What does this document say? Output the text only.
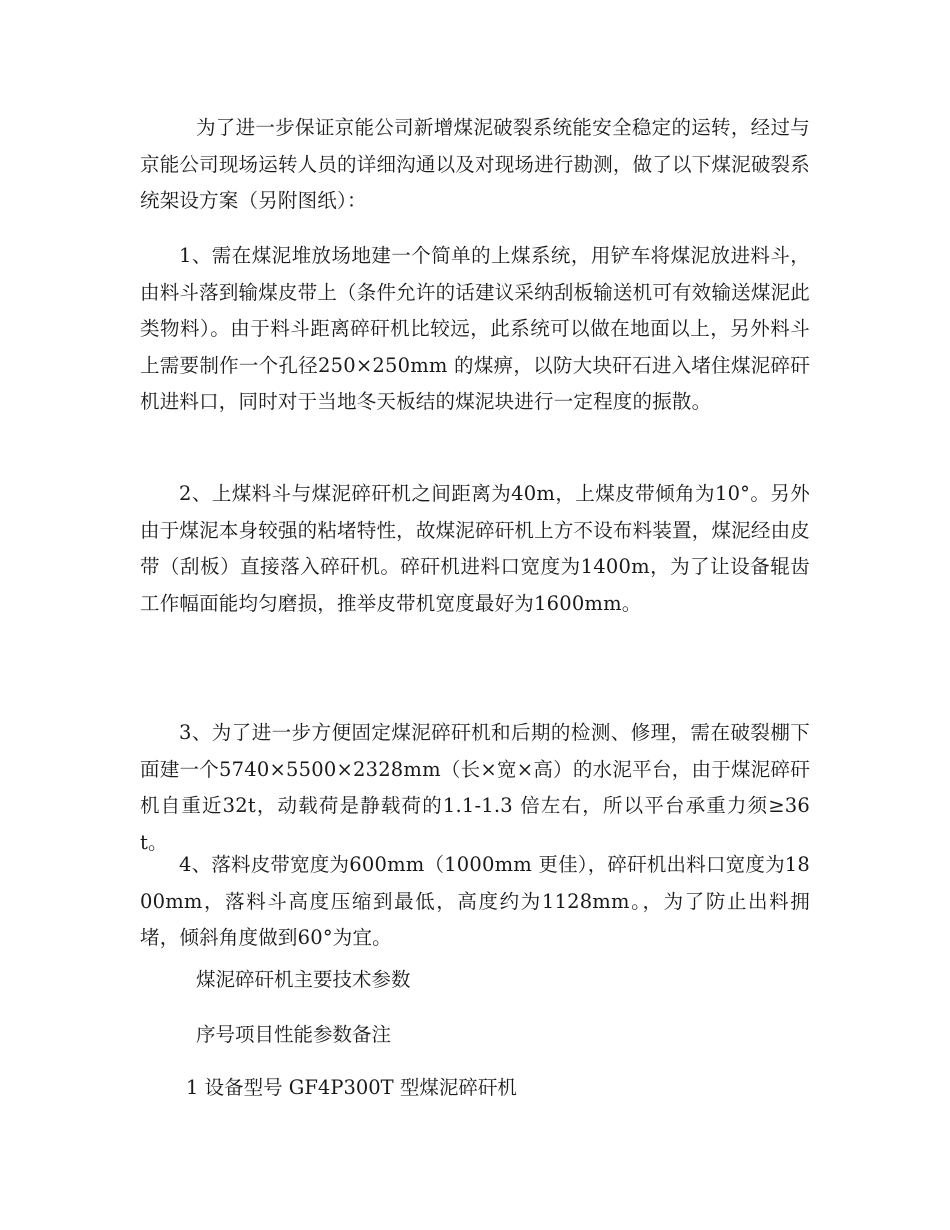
为了进一步保证京能公司新增煤泥破裂系统能安全稳定的运转，经过与京能公司现场运转人员的详细沟通以及对现场进行勘测，做了以下煤泥破裂系统架设方案（另附图纸）：

1、需在煤泥堆放场地建一个简单的上煤系统，用铲车将煤泥放进料斗，由料斗落到输煤皮带上（条件允许的话建议采纳刮板输送机可有效输送煤泥此类物料）。由于料斗距离碎矸机比较远，此系统可以做在地面以上，另外料斗上需要制作一个孔径250×250mm 的煤痹，以防大块矸石进入堵住煤泥碎矸机进料口，同时对于当地冬天板结的煤泥块进行一定程度的振散。

2、上煤料斗与煤泥碎矸机之间距离为40m，上煤皮带倾角为10°。另外由于煤泥本身较强的粘堵特性，故煤泥碎矸机上方不设布料装置，煤泥经由皮带（刮板）直接落入碎矸机。碎矸机进料口宽度为1400m，为了让设备辊齿工作幅面能均匀磨损，推举皮带机宽度最好为1600mm。

3、为了进一步方便固定煤泥碎矸机和后期的检测、修理，需在破裂棚下面建一个5740×5500×2328mm（长×宽×高）的水泥平台，由于煤泥碎矸机自重近32t，动载荷是静载荷的1.1-1.3 倍左右，所以平台承重力须≥36t。

4、落料皮带宽度为600mm（1000mm 更佳），碎矸机出料口宽度为1800mm，落料斗高度压缩到最低，高度约为1128mm。，为了防止出料拥堵，倾斜角度做到60°为宜。

煤泥碎矸机主要技术参数

序号项目性能参数备注

1 设备型号 GF4P300T 型煤泥碎矸机
